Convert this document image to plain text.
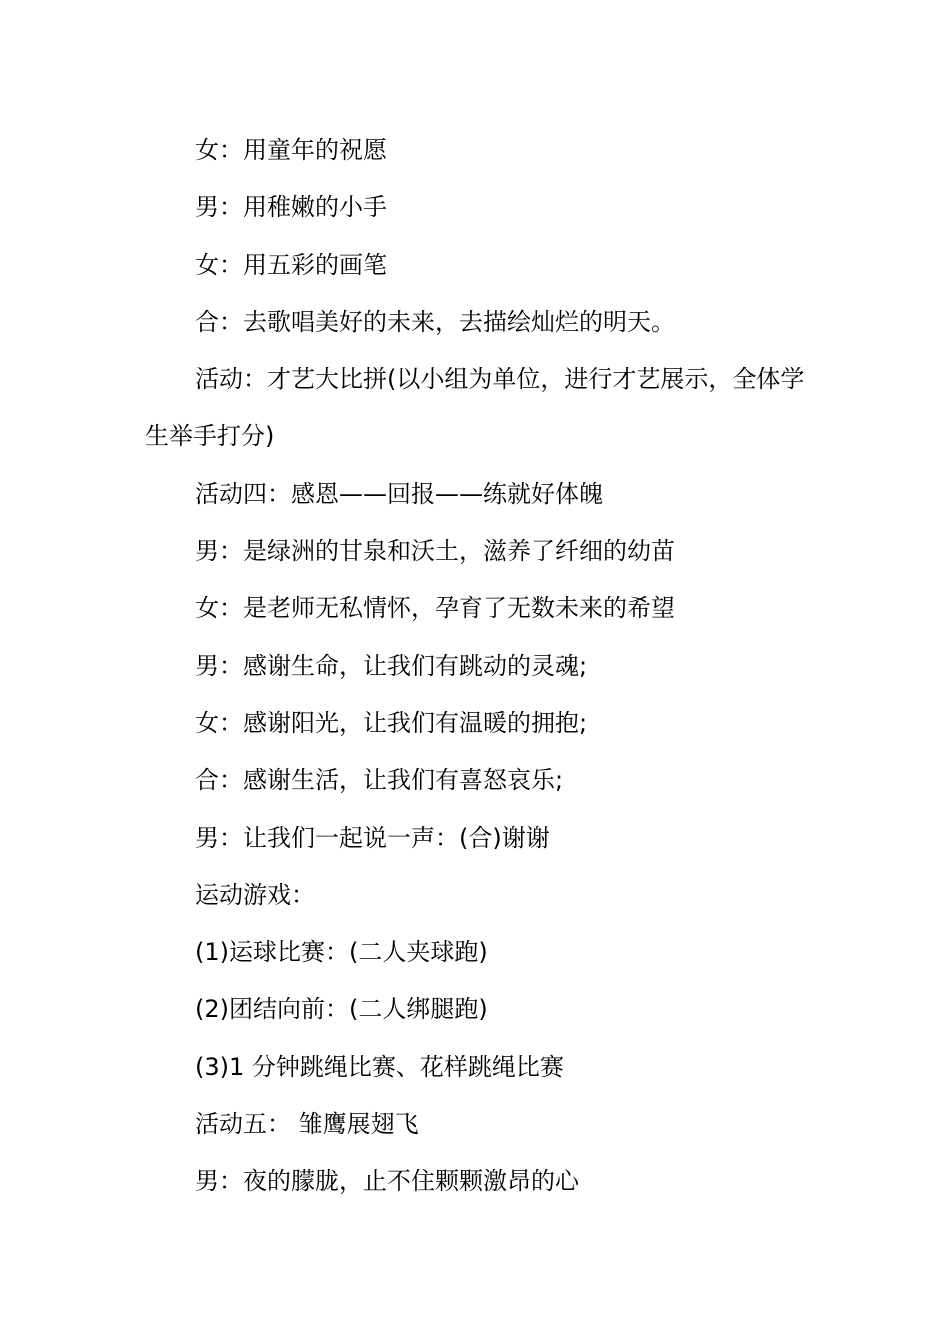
女：用童年的祝愿

男：用稚嫩的小手

女：用五彩的画笔

合：去歌唱美好的未来，去描绘灿烂的明天。

活动：才艺大比拼(以小组为单位，进行才艺展示，全体学生举手打分)

活动四：感恩——回报——练就好体魄

男：是绿洲的甘泉和沃土，滋养了纤细的幼苗

女：是老师无私情怀，孕育了无数未来的希望

男：感谢生命，让我们有跳动的灵魂;

女：感谢阳光，让我们有温暖的拥抱;

合：感谢生活，让我们有喜怒哀乐;

男：让我们一起说一声：(合)谢谢

运动游戏：

(1)运球比赛：(二人夹球跑)

(2)团结向前：(二人绑腿跑)

(3)1 分钟跳绳比赛、花样跳绳比赛

活动五： 雏鹰展翅飞

男：夜的朦胧，止不住颗颗激昂的心
